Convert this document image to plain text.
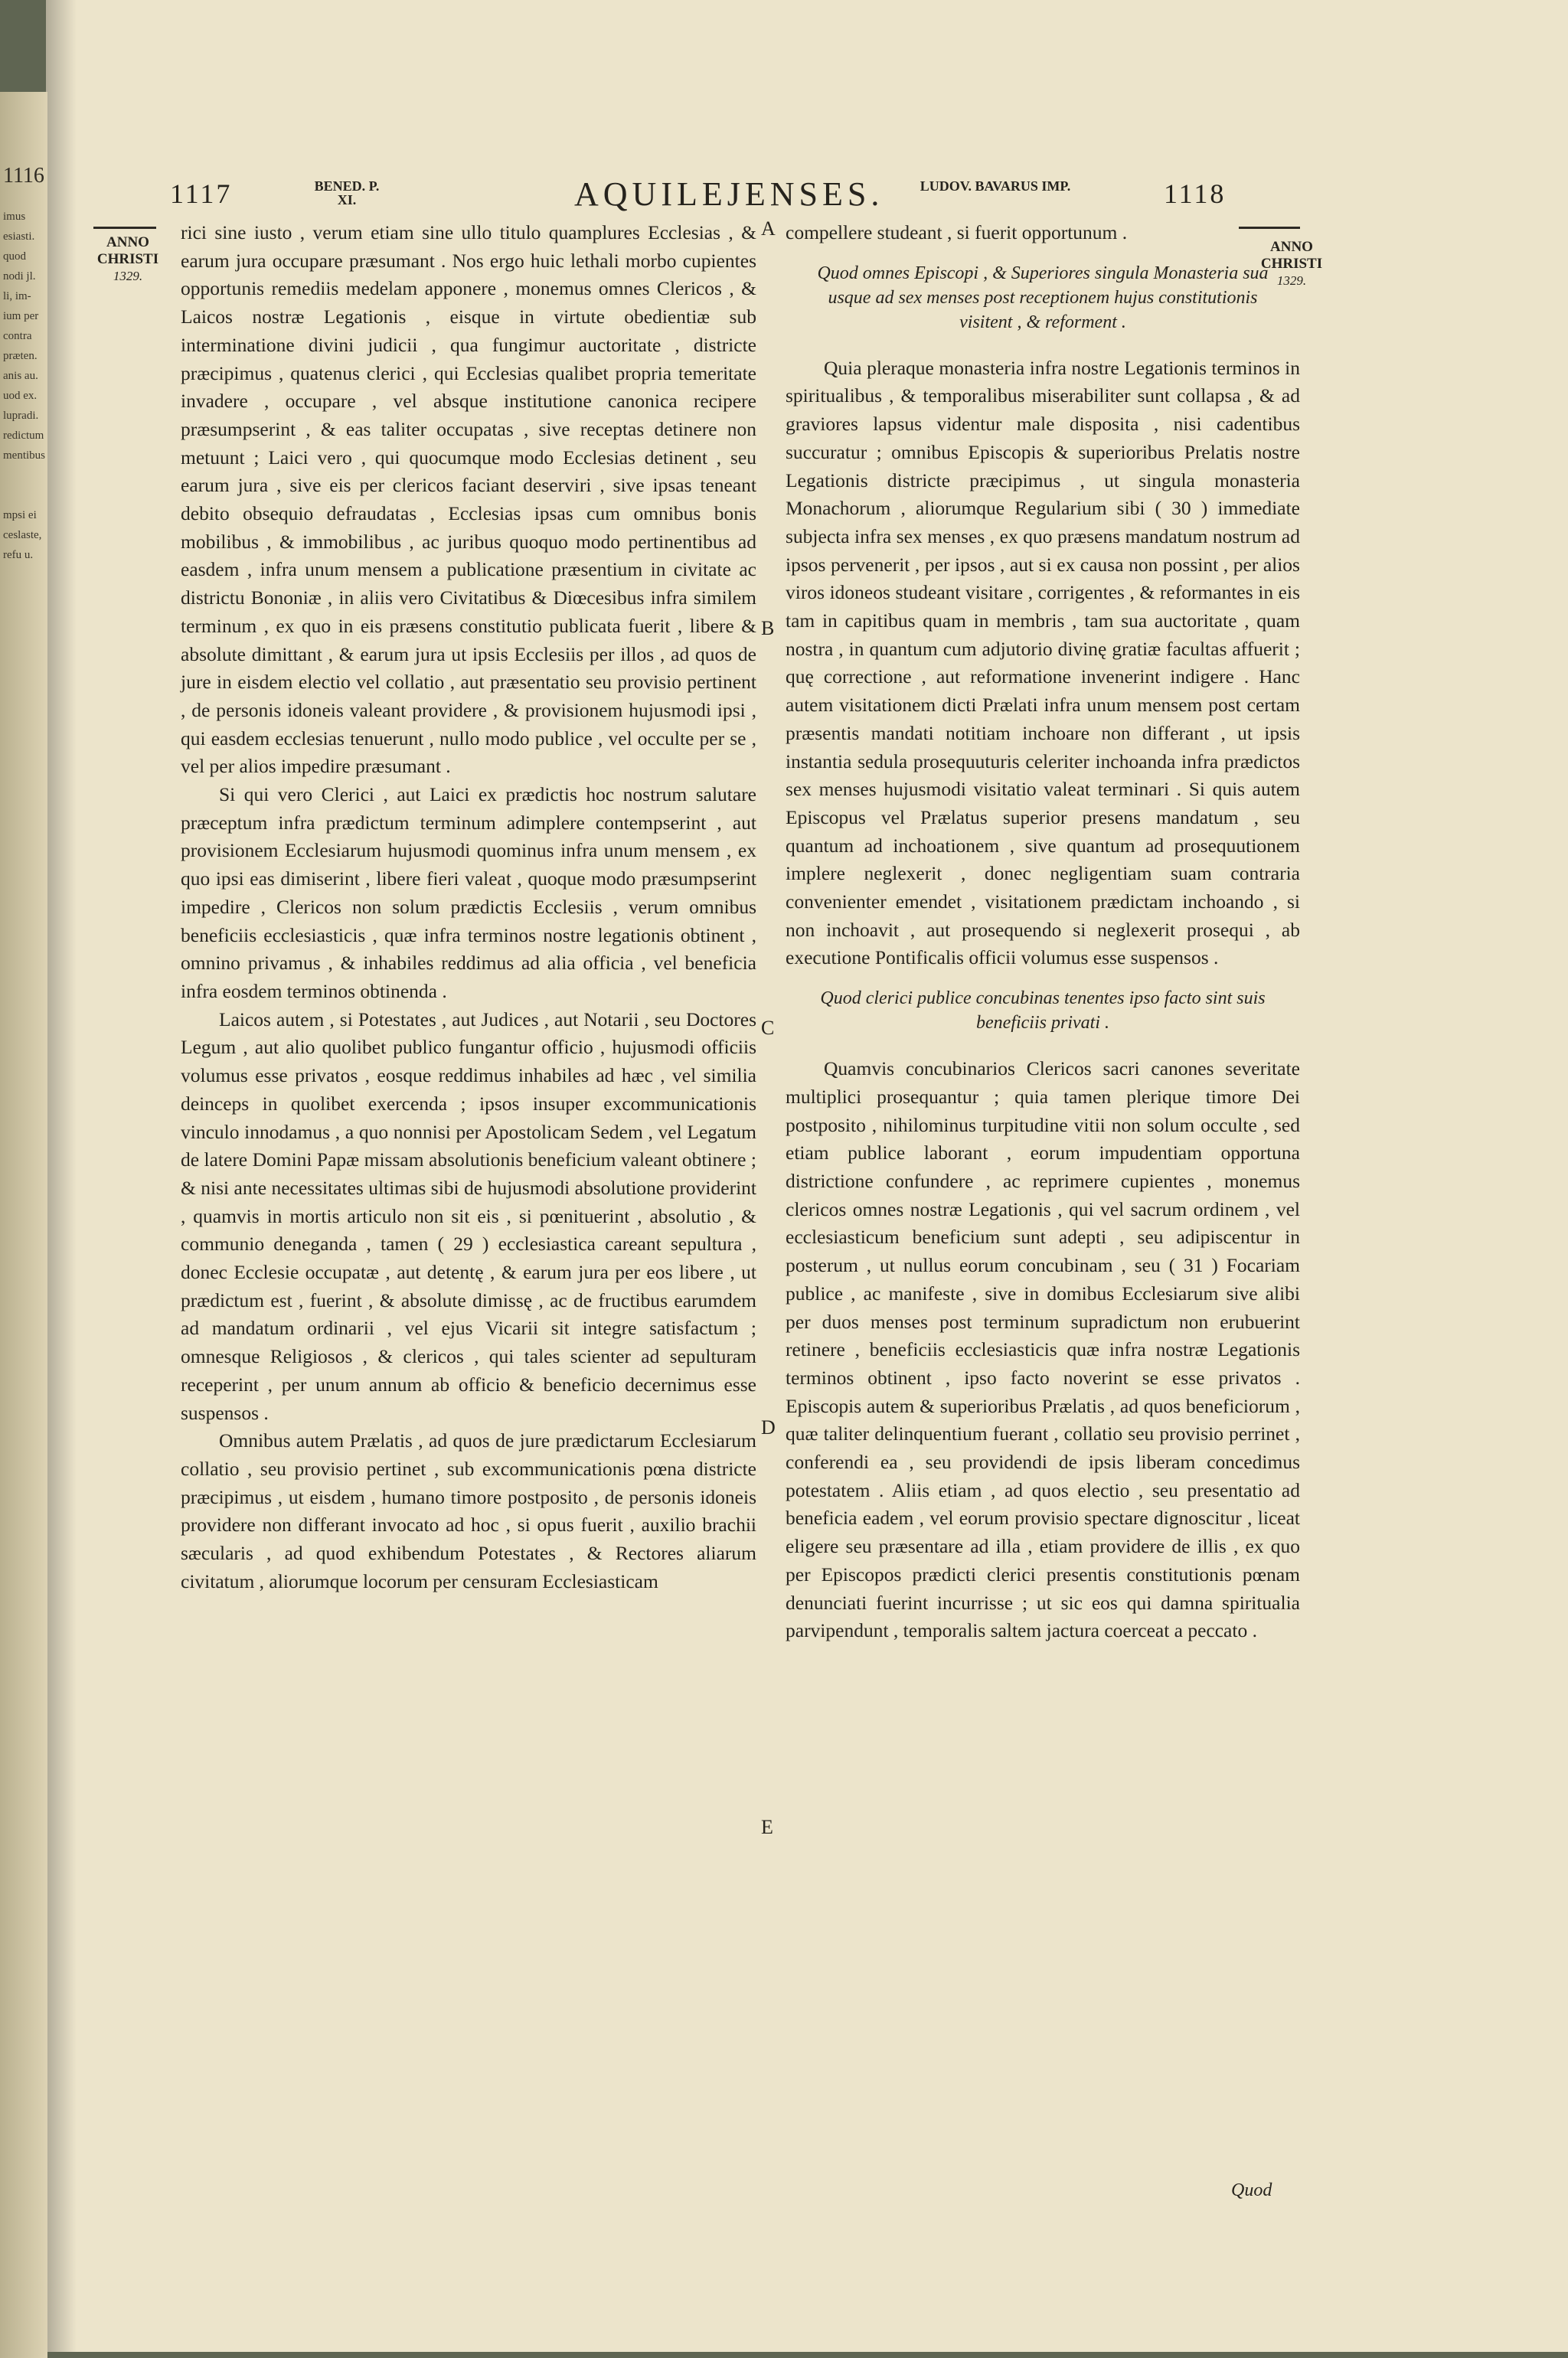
1117	BENED. P. XI.	AQUILEJENSES.	LUDOV. BAVARUS IMP.	1118
ANNO CHRISTI
1329.
ANNO CHRISTI
1329.

rici sine iusto , verum etiam sine ullo titulo quamplures Ecclesias , & earum jura occupare præsumant . Nos ergo huic lethali morbo cupientes opportunis remediis medelam apponere , monemus omnes Clericos , & Laicos nostræ Legationis , eisque in virtute obedientiæ sub interminatione divini judicii , qua fungimur auctoritate , districte præcipimus , quatenus clerici , qui Ecclesias qualibet propria temeritate invadere , occupare , vel absque institutione canonica recipere præsumpserint , & eas taliter occupatas , sive receptas detinere non metuunt ; Laici vero , qui quocumque modo Ecclesias detinent , seu earum jura , sive eis per clericos faciant deserviri , sive ipsas teneant debito obsequio defraudatas , Ecclesias ipsas cum omnibus bonis mobilibus , & immobilibus , ac juribus quoquo modo pertinentibus ad easdem , infra unum mensem a publicatione præsentium in civitate ac districtu Bononiæ , in aliis vero Civitatibus & Diœcesibus infra similem terminum , ex quo in eis præsens constitutio publicata fuerit , libere & absolute dimittant , & earum jura ut ipsis Ecclesiis per illos , ad quos de jure in eisdem electio vel collatio , aut præsentatio seu provisio pertinent , de personis idoneis valeant providere , & provisionem hujusmodi ipsi , qui easdem ecclesias tenuerunt , nullo modo publice , vel occulte per se , vel per alios impedire præsumant .

Si qui vero Clerici , aut Laici ex prædictis hoc nostrum salutare præceptum infra prædictum terminum adimplere contempserint , aut provisionem Ecclesiarum hujusmodi quominus infra unum mensem , ex quo ipsi eas dimiserint , libere fieri valeat , quoque modo præsumpserint impedire , Clericos non solum prædictis Ecclesiis , verum omnibus beneficiis ecclesiasticis , quæ infra terminos nostre legationis obtinent , omnino privamus , & inhabiles reddimus ad alia officia , vel beneficia infra eosdem terminos obtinenda .

Laicos autem , si Potestates , aut Judices , aut Notarii , seu Doctores Legum , aut alio quolibet publico fungantur officio , hujusmodi officiis volumus esse privatos , eosque reddimus inhabiles ad hæc , vel similia deinceps in quolibet exercenda ; ipsos insuper excommunicationis vinculo innodamus , a quo nonnisi per Apostolicam Sedem , vel Legatum de latere Domini Papæ missam absolutionis beneficium valeant obtinere ; & nisi ante necessitates ultimas sibi de hujusmodi absolutione providerint , quamvis in mortis articulo non sit eis , si pœnituerint , absolutio , & communio deneganda , tamen ( 29 ) ecclesiastica careant sepultura , donec Ecclesie occupatæ , aut detentę , & earum jura per eos libere , ut prædictum est , fuerint , & absolute dimissę , ac de fructibus earumdem ad mandatum ordinarii , vel ejus Vicarii sit integre satisfactum ; omnesque Religiosos , & clericos , qui tales scienter ad sepulturam receperint , per unum annum ab officio & beneficio decernimus esse suspensos .

Omnibus autem Prælatis , ad quos de jure prædictarum Ecclesiarum collatio , seu provisio pertinet , sub excommunicationis pœna districte præcipimus , ut eisdem , humano timore postposito , de personis idoneis providere non differant invocato ad hoc , si opus fuerit , auxilio brachii sæcularis , ad quod exhibendum Potestates , & Rectores aliarum civitatum , aliorumque locorum per censuram Ecclesiasticam

A
B
C
D
E

compellere studeant , si fuerit opportunum .

Quod omnes Episcopi , & Superiores singula Monasteria sua usque ad sex menses post receptionem hujus constitutionis visitent , & reforment .

Quia pleraque monasteria infra nostre Legationis terminos in spiritualibus , & temporalibus miserabiliter sunt collapsa , & ad graviores lapsus videntur male disposita , nisi cadentibus succuratur ; omnibus Episcopis & superioribus Prelatis nostre Legationis districte præcipimus , ut singula monasteria Monachorum , aliorumque Regularium sibi ( 30 ) immediate subjecta infra sex menses , ex quo præsens mandatum nostrum ad ipsos pervenerit , per ipsos , aut si ex causa non possint , per alios viros idoneos studeant visitare , corrigentes , & reformantes in eis tam in capitibus quam in membris , tam sua auctoritate , quam nostra , in quantum cum adjutorio divinę gratiæ facultas affuerit ; quę correctione , aut reformatione invenerint indigere . Hanc autem visitationem dicti Prælati infra unum mensem post certam præsentis mandati notitiam inchoare non differant , ut ipsis instantia sedula prosequuturis celeriter inchoanda infra prædictos sex menses hujusmodi visitatio valeat terminari . Si quis autem Episcopus vel Prælatus superior presens mandatum , seu quantum ad inchoationem , sive quantum ad prosequutionem implere neglexerit , donec negligentiam suam contraria convenienter emendet , visitationem prædictam inchoando , si non inchoavit , aut prosequendo si neglexerit prosequi , ab executione Pontificalis officii volumus esse suspensos .

Quod clerici publice concubinas tenentes ipso facto sint suis beneficiis privati .

Quamvis concubinarios Clericos sacri canones severitate multiplici prosequantur ; quia tamen plerique timore Dei postposito , nihilominus turpitudine vitii non solum occulte , sed etiam publice laborant , eorum impudentiam opportuna districtione confundere , ac reprimere cupientes , monemus clericos omnes nostræ Legationis , qui vel sacrum ordinem , vel ecclesiasticum beneficium sunt adepti , seu adipiscentur in posterum , ut nullus eorum concubinam , seu ( 31 ) Focariam publice , ac manifeste , sive in domibus Ecclesiarum sive alibi per duos menses post terminum supradictum non erubuerint retinere , beneficiis ecclesiasticis quæ infra nostræ Legationis terminos obtinent , ipso facto noverint se esse privatos . Episcopis autem & superioribus Prælatis , ad quos beneficiorum , quæ taliter delinquentium fuerant , collatio seu provisio perrinet , conferendi ea , seu providendi de ipsis liberam concedimus potestatem . Aliis etiam , ad quos electio , seu presentatio ad beneficia eadem , vel eorum provisio spectare dignoscitur , liceat eligere seu præsentare ad illa , etiam providere de illis , ex quo per Episcopos prædicti clerici presentis constitutionis pœnam denunciati fuerint incurrisse ; ut sic eos qui damna spiritualia parvipendunt , temporalis saltem jactura coerceat a peccato .

Quod
1116
imus
esiasti.
quod
nodi jl.
li, im-
ium per
contra
præten.
anis au.
uod ex.
lupradi.
redictum
mentibus

mpsi ei
ceslaste,
refu u.
